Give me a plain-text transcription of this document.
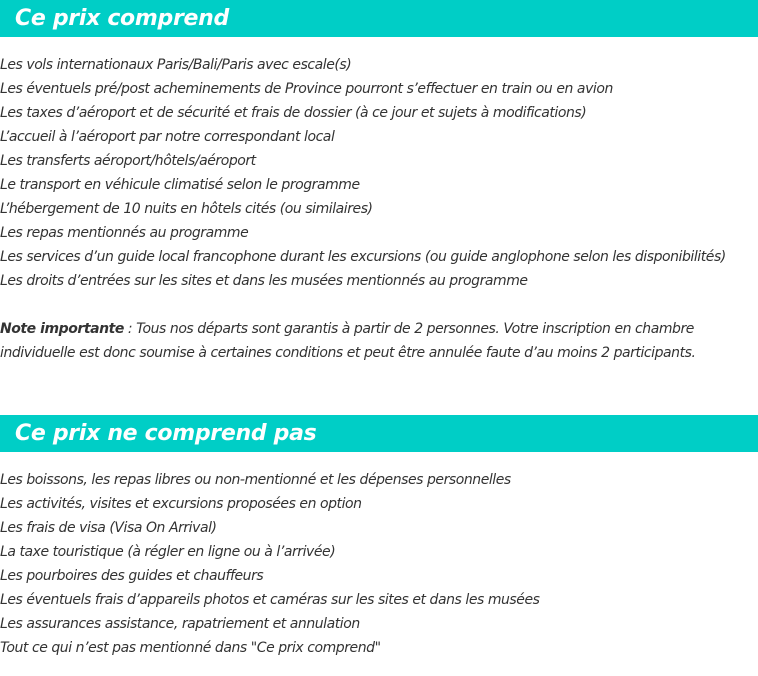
Ce prix comprend
Les vols internationaux Paris/Bali/Paris avec escale(s)
Les éventuels pré/post acheminements de Province pourront s’effectuer en train ou en avion
Les taxes d’aéroport et de sécurité et frais de dossier (à ce jour et sujets à modifications)
L’accueil à l’aéroport par notre correspondant local
Les transferts aéroport/hôtels/aéroport
Le transport en véhicule climatisé selon le programme
L’hébergement de 10 nuits en hôtels cités (ou similaires)
Les repas mentionnés au programme
Les services d’un guide local francophone durant les excursions (ou guide anglophone selon les disponibilités)
Les droits d’entrées sur les sites et dans les musées mentionnés au programme

Note importante : Tous nos départs sont garantis à partir de 2 personnes. Votre inscription en chambre individuelle est donc soumise à certaines conditions et peut être annulée faute d’au moins 2 participants.

Ce prix ne comprend pas
Les boissons, les repas libres ou non-mentionné et les dépenses personnelles
Les activités, visites et excursions proposées en option
Les frais de visa (Visa On Arrival)
La taxe touristique (à régler en ligne ou à l’arrivée)
Les pourboires des guides et chauffeurs
Les éventuels frais d’appareils photos et caméras sur les sites et dans les musées
Les assurances assistance, rapatriement et annulation
Tout ce qui n’est pas mentionné dans "Ce prix comprend"
